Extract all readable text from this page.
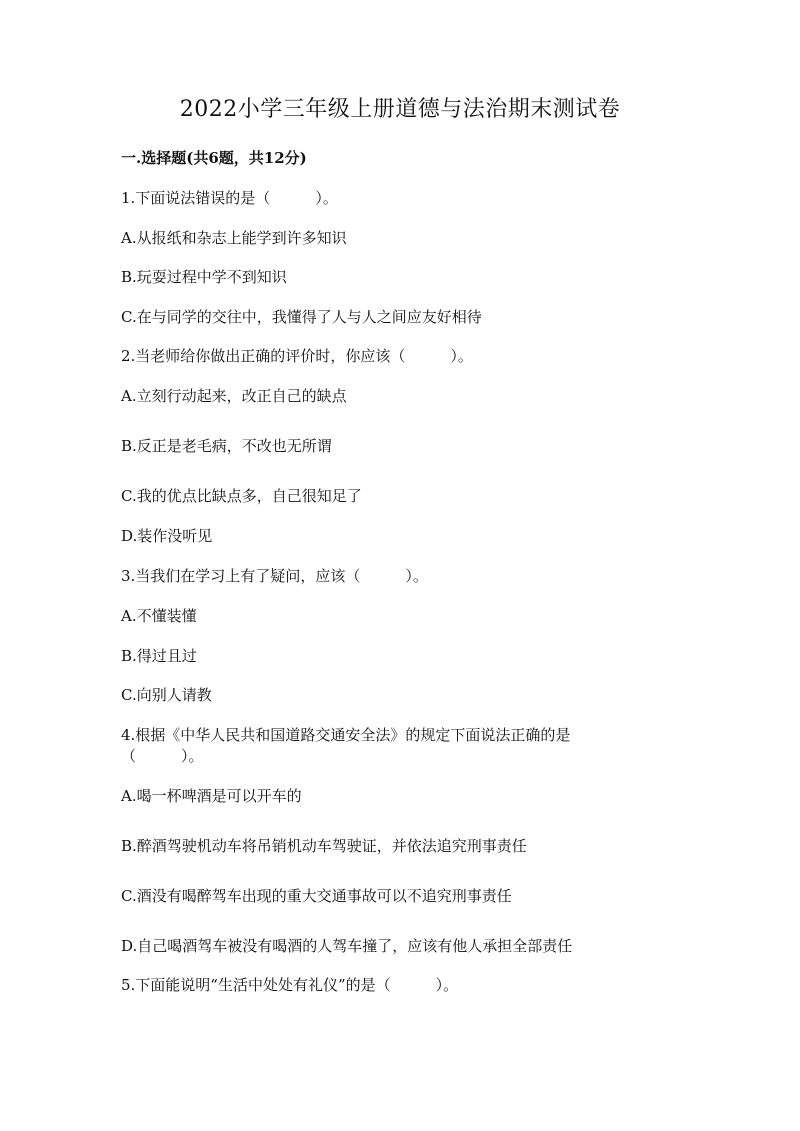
2022小学三年级上册道德与法治期末测试卷
一.选择题(共6题，共12分)
1.下面说法错误的是（　　　）。
A.从报纸和杂志上能学到许多知识
B.玩耍过程中学不到知识
C.在与同学的交往中，我懂得了人与人之间应友好相待
2.当老师给你做出正确的评价时，你应该（　　　）。
A.立刻行动起来，改正自己的缺点
B.反正是老毛病，不改也无所谓
C.我的优点比缺点多，自己很知足了
D.装作没听见
3.当我们在学习上有了疑问，应该（　　　）。
A.不懂装懂
B.得过且过
C.向别人请教
4.根据《中华人民共和国道路交通安全法》的规定下面说法正确的是
（　　　）。
A.喝一杯啤酒是可以开车的
B.醉酒驾驶机动车将吊销机动车驾驶证，并依法追究刑事责任
C.酒没有喝醉驾车出现的重大交通事故可以不追究刑事责任
D.自己喝酒驾车被没有喝酒的人驾车撞了，应该有他人承担全部责任
5.下面能说明“生活中处处有礼仪”的是（　　　）。
